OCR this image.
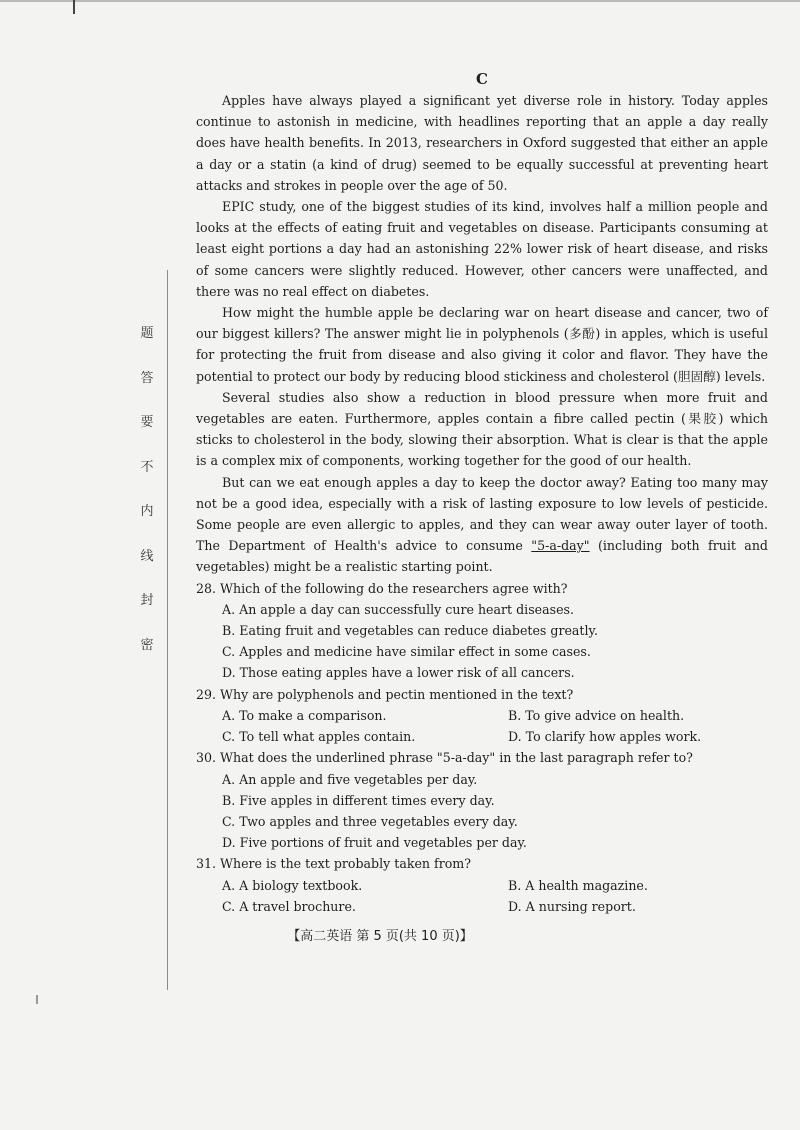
题
答
要
不
内
线
封
密
C

Apples have always played a significant yet diverse role in history. Today apples continue to astonish in medicine, with headlines reporting that an apple a day really does have health benefits. In 2013, researchers in Oxford suggested that either an apple a day or a statin (a kind of drug) seemed to be equally successful at preventing heart attacks and strokes in people over the age of 50.

EPIC study, one of the biggest studies of its kind, involves half a million people and looks at the effects of eating fruit and vegetables on disease. Participants consuming at least eight portions a day had an astonishing 22% lower risk of heart disease, and risks of some cancers were slightly reduced. However, other cancers were unaffected, and there was no real effect on diabetes.

How might the humble apple be declaring war on heart disease and cancer, two of our biggest killers? The answer might lie in polyphenols (多酚) in apples, which is useful for protecting the fruit from disease and also giving it color and flavor. They have the potential to protect our body by reducing blood stickiness and cholesterol (胆固醇) levels.

Several studies also show a reduction in blood pressure when more fruit and vegetables are eaten. Furthermore, apples contain a fibre called pectin (果胶) which sticks to cholesterol in the body, slowing their absorption. What is clear is that the apple is a complex mix of components, working together for the good of our health.

But can we eat enough apples a day to keep the doctor away? Eating too many may not be a good idea, especially with a risk of lasting exposure to low levels of pesticide. Some people are even allergic to apples, and they can wear away outer layer of tooth. The Department of Health's advice to consume "5-a-day" (including both fruit and vegetables) might be a realistic starting point.

28. Which of the following do the researchers agree with?

A. An apple a day can successfully cure heart diseases.

B. Eating fruit and vegetables can reduce diabetes greatly.

C. Apples and medicine have similar effect in some cases.

D. Those eating apples have a lower risk of all cancers.

29. Why are polyphenols and pectin mentioned in the text?

A. To make a comparison.	B. To give advice on health.

C. To tell what apples contain.	D. To clarify how apples work.

30. What does the underlined phrase "5-a-day" in the last paragraph refer to?

A. An apple and five vegetables per day.

B. Five apples in different times every day.

C. Two apples and three vegetables every day.

D. Five portions of fruit and vegetables per day.

31. Where is the text probably taken from?

A. A biology textbook.	B. A health magazine.

C. A travel brochure.	D. A nursing report.

【高二英语 第 5 页(共 10 页)】
